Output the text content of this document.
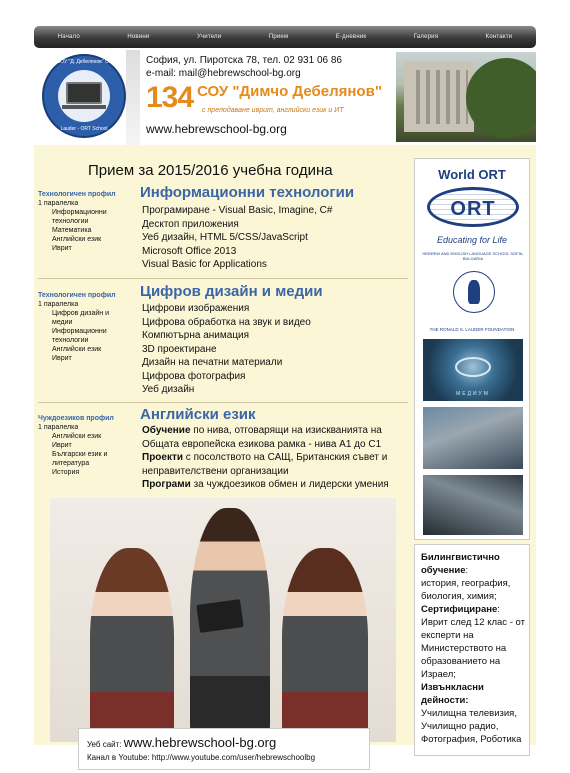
Начало	Новини	Учители	Прием	Е-дневник	Галерия	Контакти
134 СОУ "Д. Дебелянов" София
Lauder - ORT School
София, ул. Пиротска 78, тел. 02 931 06 86
e-mail: mail@hebrewschool-bg.org
134 СОУ "Димчо Дебелянов"
с преподаване иврит, английски език и ИТ
www.hebrewschool-bg.org
Прием за 2015/2016 учебна година
Технологичен профил
1 паралелка
Информационни технологии
Математика
Английски език
Иврит
Информационни технологии
Програмиране - Visual Basic, Imagine, C#
Десктоп приложения
Уеб дизайн, HTML 5/CSS/JavaScript
Microsoft Office 2013
Visual Basic for Applications
Технологичен профил
1 паралелка
Цифров дизайн и медии
Информационни технологии
Английски език
Иврит
Цифров дизайн и медии
Цифрови изображения
Цифрова обработка на звук и видео
Компютърна анимация
3D проектиране
Дизайн на печатни материали
Цифрова фотография
Уеб дизайн
Чуждоезиков профил
1 паралелка
Английски език
Иврит
Български език и литература
История
Английски език
Обучение по нива, отговарящи на изискванията на Общата европейска езикова рамка - нива А1 до С1
Проекти с посолството на САЩ, Британския съвет и неправителствени организации
Програми за чуждоезиков обмен и лидерски умения
World ORT
ORT
Educating for Life
HEBREW AND ENGLISH LANGUAGE SCHOOL SOFIA, BULGARIA
THE RONALD S. LAUDER FOUNDATION
МЕДИУМ
Билингвистично обучение:
история, география, биология, химия;
Сертифициране:
Иврит след 12 клас - от експерти на Министерството на образованието на Израел;
Извънкласни дейности:
Училищна телевизия, Училищно радио, Фотография, Роботика
Уеб сайт: www.hebrewschool-bg.org
Канал в Youtube: http://www.youtube.com/user/hebrewschoolbg
